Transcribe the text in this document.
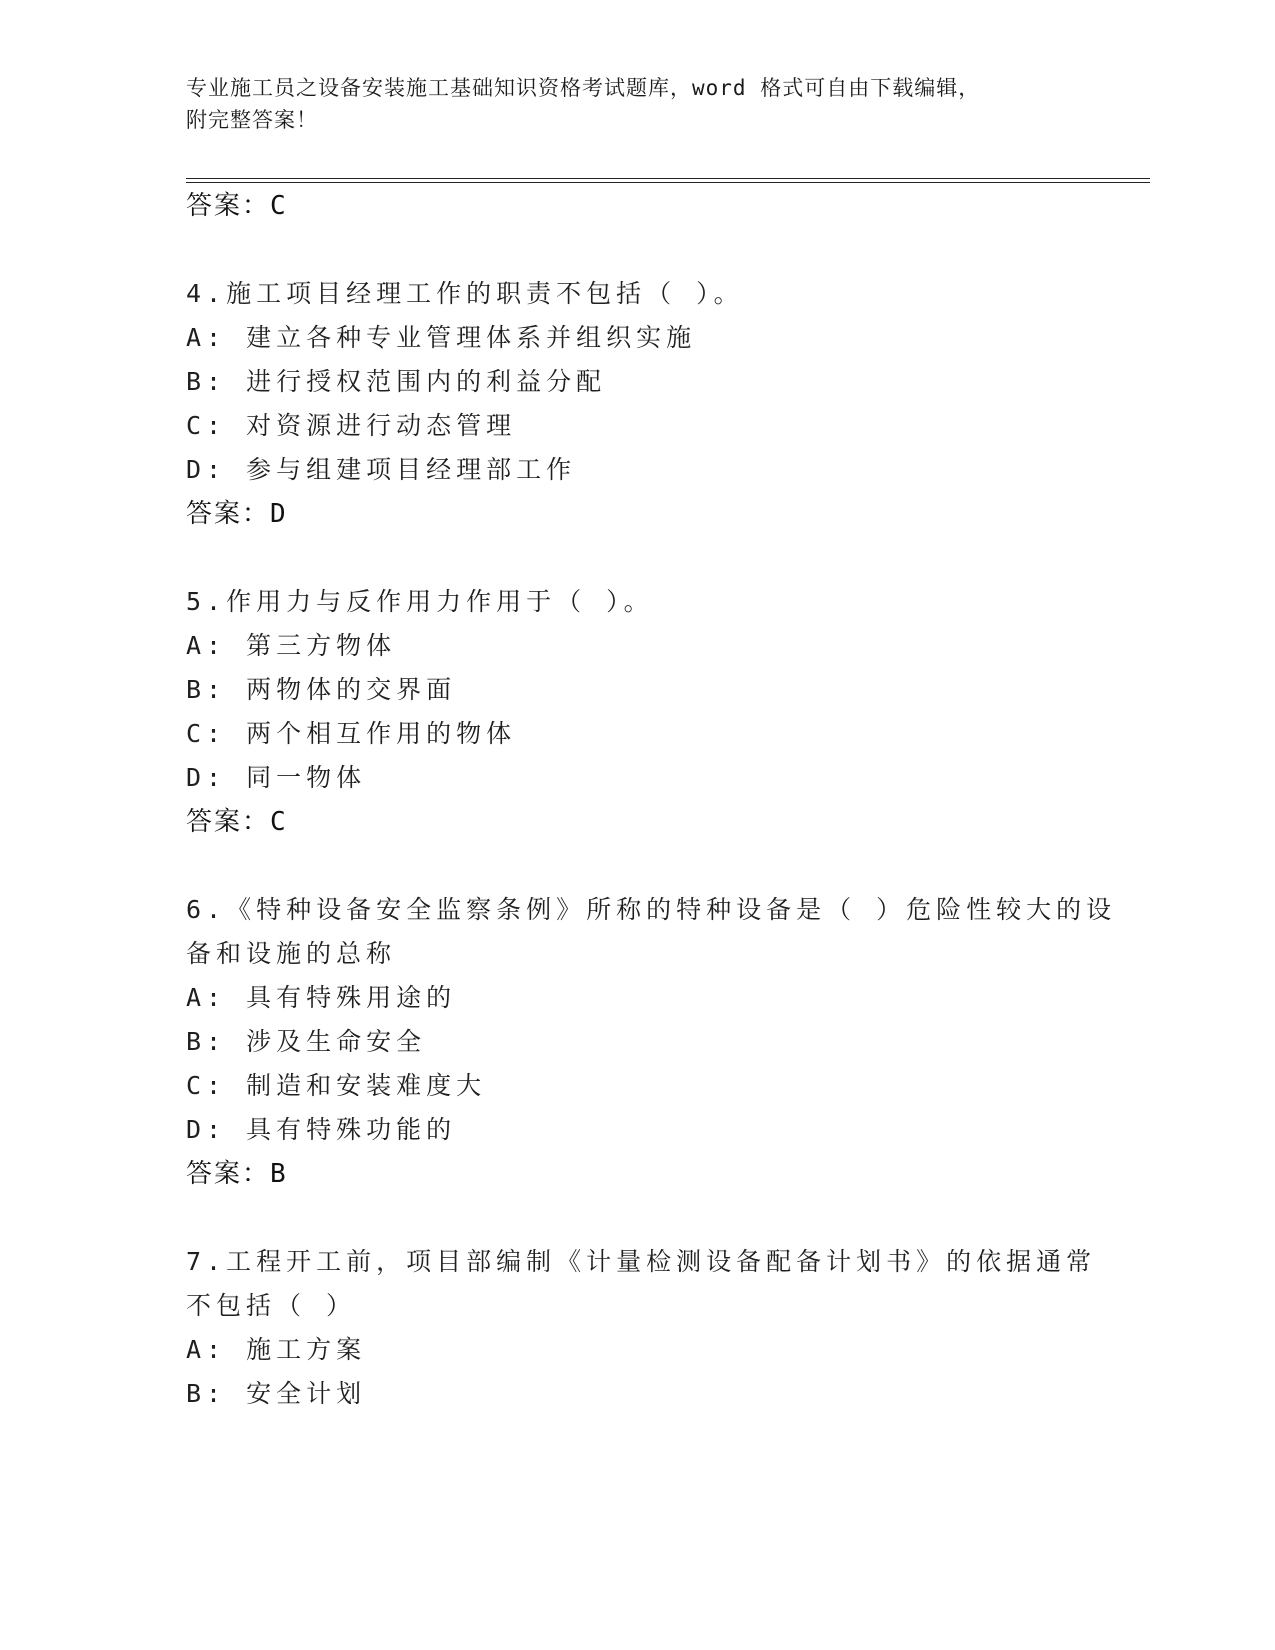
专业施工员之设备安装施工基础知识资格考试题库，word 格式可自由下载编辑，
附完整答案！
答案：C
4.施工项目经理工作的职责不包括（ ）。
A: 建立各种专业管理体系并组织实施
B: 进行授权范围内的利益分配
C: 对资源进行动态管理
D: 参与组建项目经理部工作
答案：D
5.作用力与反作用力作用于（ ）。
A: 第三方物体
B: 两物体的交界面
C: 两个相互作用的物体
D: 同一物体
答案：C
6.《特种设备安全监察条例》所称的特种设备是（ ）危险性较大的设
备和设施的总称
A: 具有特殊用途的
B: 涉及生命安全
C: 制造和安装难度大
D: 具有特殊功能的
答案：B
7.工程开工前，项目部编制《计量检测设备配备计划书》的依据通常
不包括（ ）
A: 施工方案
B: 安全计划
